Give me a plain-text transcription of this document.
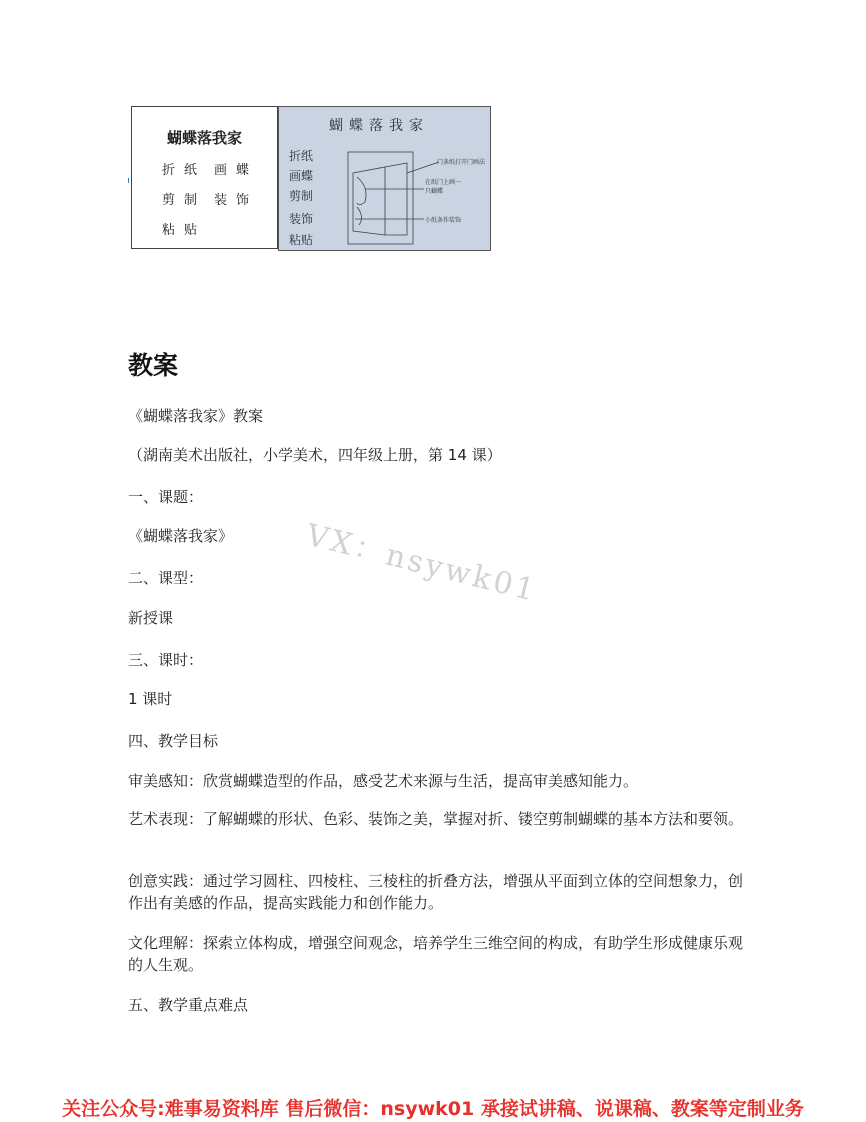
蝴蝶落我家
折 纸 画 蝶
剪 制 装 饰
粘 贴
蝴蝶落我家
折纸
画蝶
剪制
装饰
粘贴
门条纸打开门画法
在纸门上画一只蝴蝶
小纸条作装饰
教案
《蝴蝶落我家》教案
（湖南美术出版社，小学美术，四年级上册，第 14 课）
一、课题：
《蝴蝶落我家》
二、课型：
新授课
三、课时：
1 课时
四、教学目标
审美感知：欣赏蝴蝶造型的作品，感受艺术来源与生活，提高审美感知能力。
艺术表现：了解蝴蝶的形状、色彩、装饰之美，掌握对折、镂空剪制蝴蝶的基本方法和要领。
创意实践：通过学习圆柱、四棱柱、三棱柱的折叠方法，增强从平面到立体的空间想象力，创作出有美感的作品，提高实践能力和创作能力。
文化理解：探索立体构成，增强空间观念，培养学生三维空间的构成，有助学生形成健康乐观的人生观。
五、教学重点难点
VX：nsywk01
关注公众号:难事易资料库 售后微信：nsywk01 承接试讲稿、说课稿、教案等定制业务
